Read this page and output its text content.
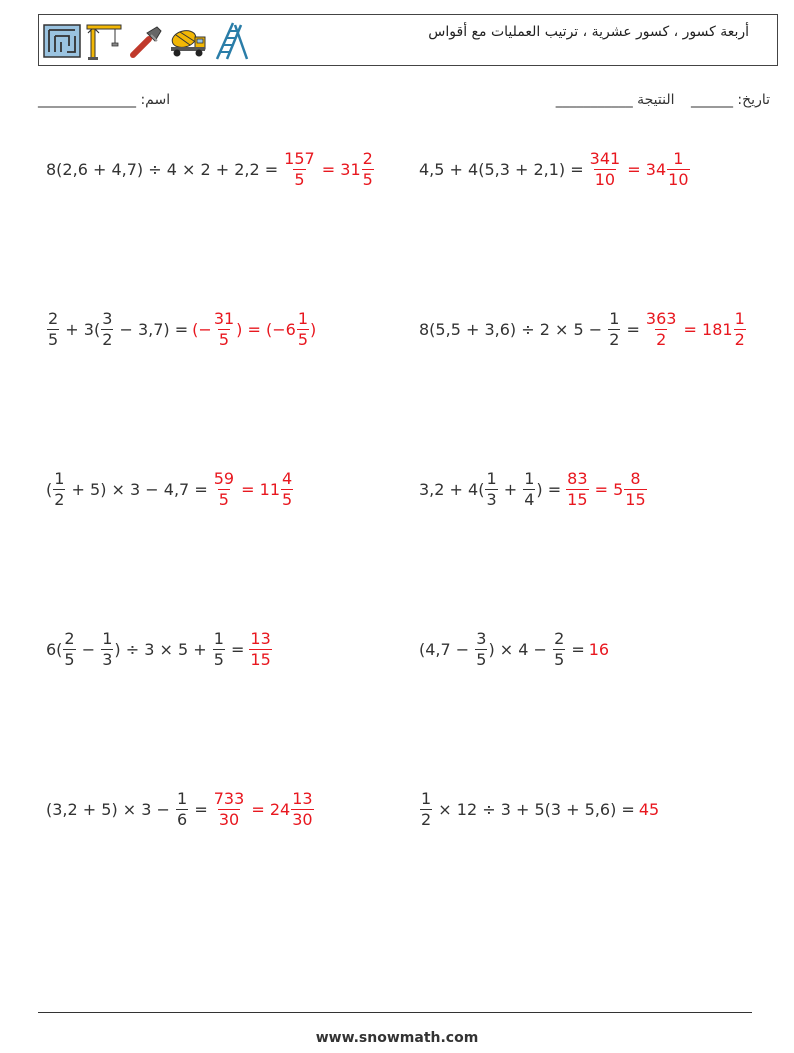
أربعة كسور ، كسور عشرية ، ترتيب العمليات مع أقواس
اسم: ______________	تاريخ: ______ النتيجة ___________
$8(2,6 + 4,7) \div 4 \times 2 + 2,2 = \frac{157}{5} = 31 \frac{2}{5}$	$4,5 + 4(5,3 + 2,1) = \frac{341}{10} = 34 \frac{1}{10}$
$\frac{2}{5}$
+ $3( \frac{3}{2}$
− 3,7) = (− $\frac{31}{5}$ ) = ($-6 \frac{1}{5}$ )	8(5,5 + 3,6) ÷ 2 × 5 −
$\frac{1}{2}$
= $\frac{363}{2} = 181 \frac{1}{2}$
( $\frac{1}{2}$
+ $5) \times 3 - 4,7 = \frac{59}{5} = 11 \frac{4}{5}$	$3,2 + 4( \frac{1}{3}$
+
$\frac{1}{4}$ ) = $\frac{83}{15} = 5 \frac{8}{15}$
$6( \frac{2}{5}$
−
$\frac{1}{3}$ ) ÷ 3 × 5 +
$\frac{1}{5}$
= $\frac{13}{15}$	(4,7 −
$\frac{3}{5}$ ) × 4 −
$\frac{2}{5}$
= 16
(3,2 + 5) × 3 −
$\frac{1}{6}$
= $\frac{733}{30} = 24 \frac{13}{30}$	$\frac{1}{2}$
× 12 ÷ 3 + 5(3 + 5,6) = 45
www.snowmath.com
